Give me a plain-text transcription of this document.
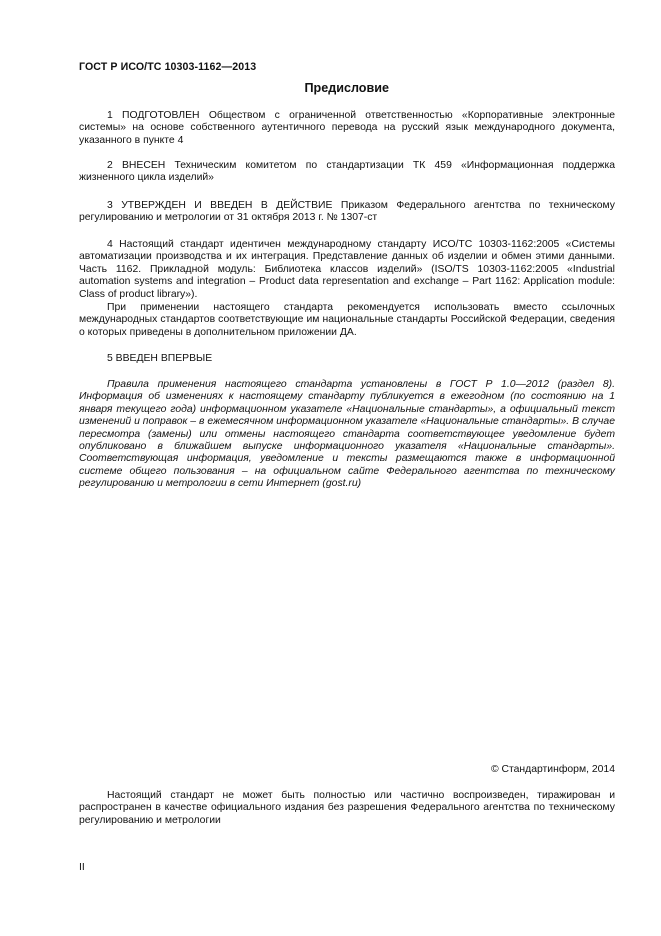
ГОСТ Р ИСО/ТС 10303-1162—2013
Предисловие

1 ПОДГОТОВЛЕН Обществом с ограниченной ответственностью «Корпоративные электронные системы» на основе собственного аутентичного перевода на русский язык международного документа, указанного в пункте 4

2 ВНЕСЕН Техническим комитетом по стандартизации ТК 459 «Информационная поддержка жизненного цикла изделий»

3 УТВЕРЖДЕН И ВВЕДЕН В ДЕЙСТВИЕ Приказом Федерального агентства по техническому регулированию и метрологии от 31 октября 2013 г. № 1307-ст

4 Настоящий стандарт идентичен международному стандарту ИСО/ТС 10303-1162:2005 «Системы автоматизации производства и их интеграция. Представление данных об изделии и обмен этими данными. Часть 1162. Прикладной модуль: Библиотека классов изделий» (ISO/TS 10303-1162:2005 «Industrial automation systems and integration – Product data representation and exchange – Part 1162: Application module: Class of product library»).

При применении настоящего стандарта рекомендуется использовать вместо ссылочных международных стандартов соответствующие им национальные стандарты Российской Федерации, сведения о которых приведены в дополнительном приложении ДА.

5 ВВЕДЕН ВПЕРВЫЕ

Правила применения настоящего стандарта установлены в ГОСТ Р 1.0—2012 (раздел 8). Информация об изменениях к настоящему стандарту публикуется в ежегодном (по состоянию на 1 января текущего года) информационном указателе «Национальные стандарты», а официальный текст изменений и поправок – в ежемесячном информационном указателе «Национальные стандарты». В случае пересмотра (замены) или отмены настоящего стандарта соответствующее уведомление будет опубликовано в ближайшем выпуске информационного указателя «Национальные стандарты». Соответствующая информация, уведомление и тексты размещаются также в информационной системе общего пользования – на официальном сайте Федерального агентства по техническому регулированию и метрологии в сети Интернет (gost.ru)

© Стандартинформ, 2014

Настоящий стандарт не может быть полностью или частично воспроизведен, тиражирован и распространен в качестве официального издания без разрешения Федерального агентства по техническому регулированию и метрологии

II
